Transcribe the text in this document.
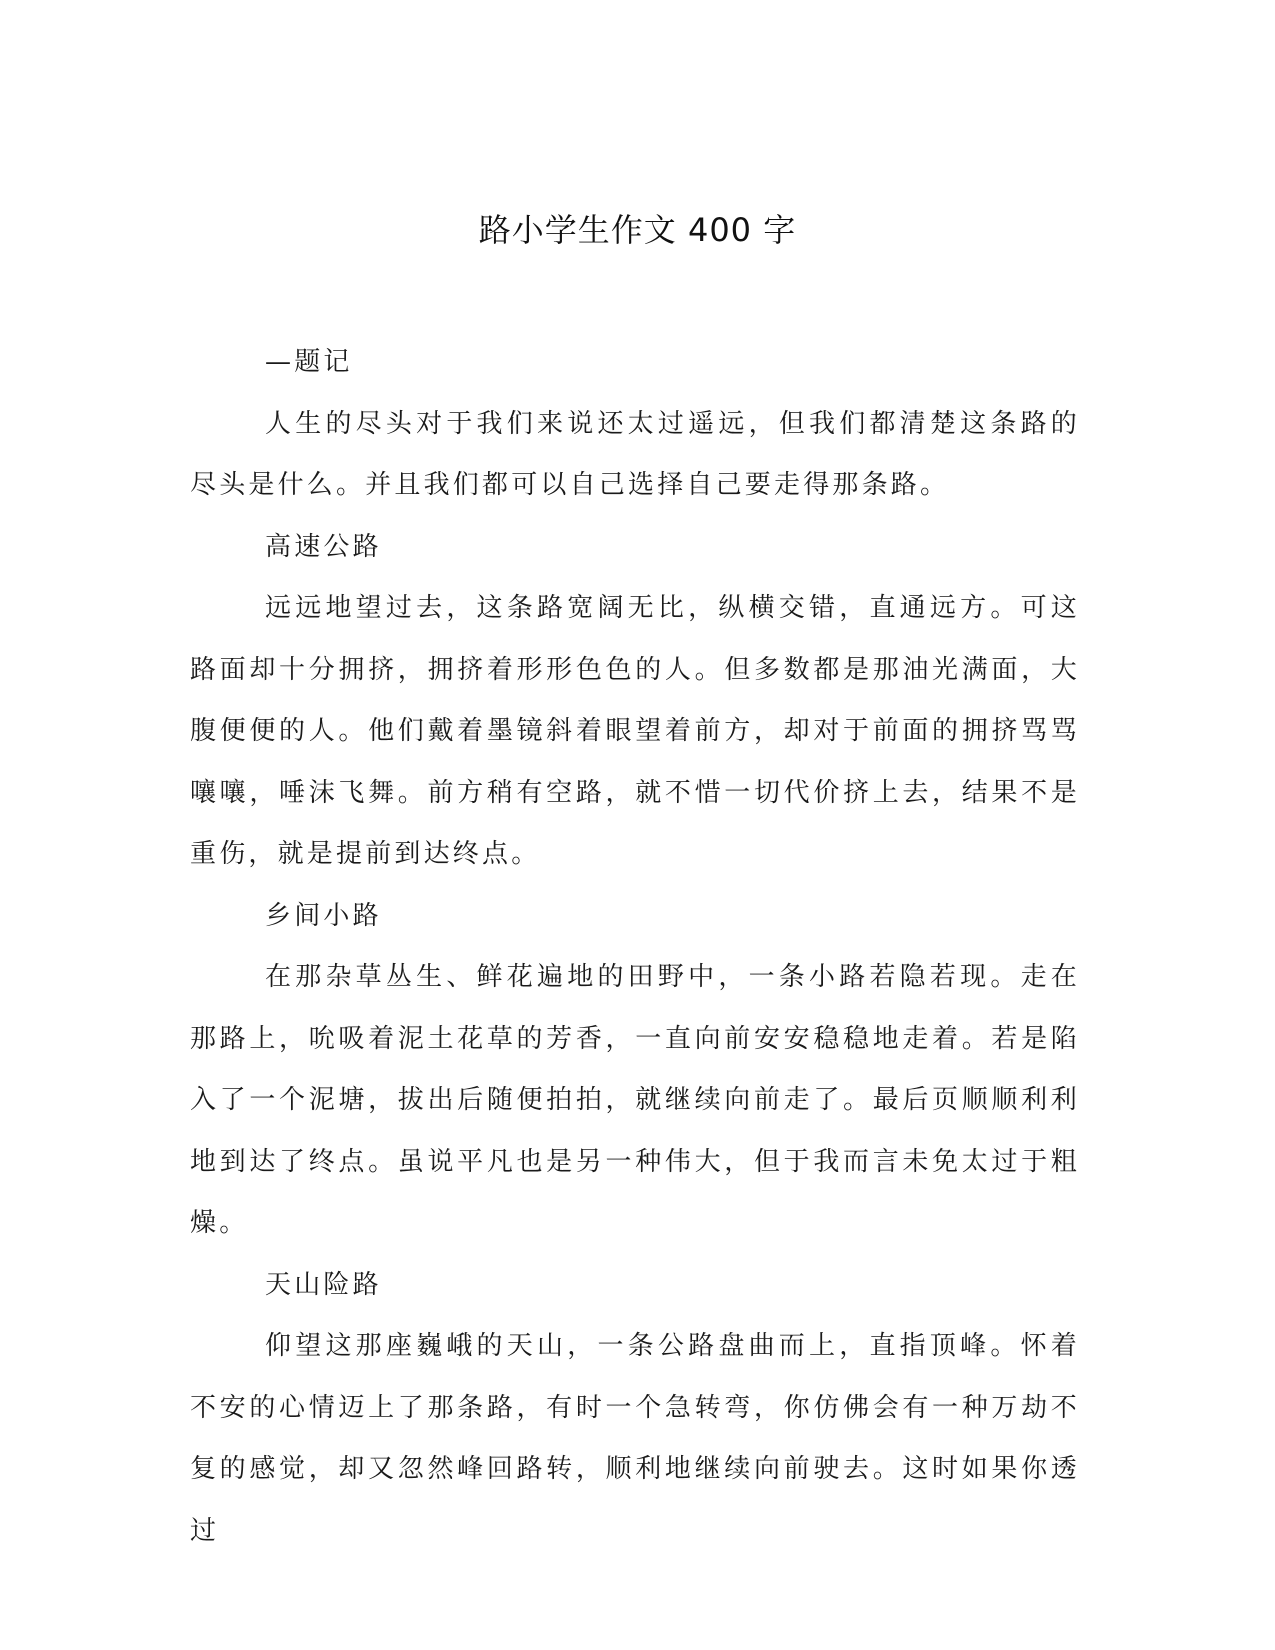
路小学生作文 400 字

—题记

人生的尽头对于我们来说还太过遥远，但我们都清楚这条路的尽头是什么。并且我们都可以自己选择自己要走得那条路。

高速公路

远远地望过去，这条路宽阔无比，纵横交错，直通远方。可这路面却十分拥挤，拥挤着形形色色的人。但多数都是那油光满面，大腹便便的人。他们戴着墨镜斜着眼望着前方，却对于前面的拥挤骂骂嚷嚷，唾沫飞舞。前方稍有空路，就不惜一切代价挤上去，结果不是重伤，就是提前到达终点。

乡间小路

在那杂草丛生、鲜花遍地的田野中，一条小路若隐若现。走在那路上，吮吸着泥土花草的芳香，一直向前安安稳稳地走着。若是陷入了一个泥塘，拔出后随便拍拍，就继续向前走了。最后页顺顺利利地到达了终点。虽说平凡也是另一种伟大，但于我而言未免太过于粗燥。

天山险路

仰望这那座巍峨的天山，一条公路盘曲而上，直指顶峰。怀着不安的心情迈上了那条路，有时一个急转弯，你仿佛会有一种万劫不复的感觉，却又忽然峰回路转，顺利地继续向前驶去。这时如果你透过
